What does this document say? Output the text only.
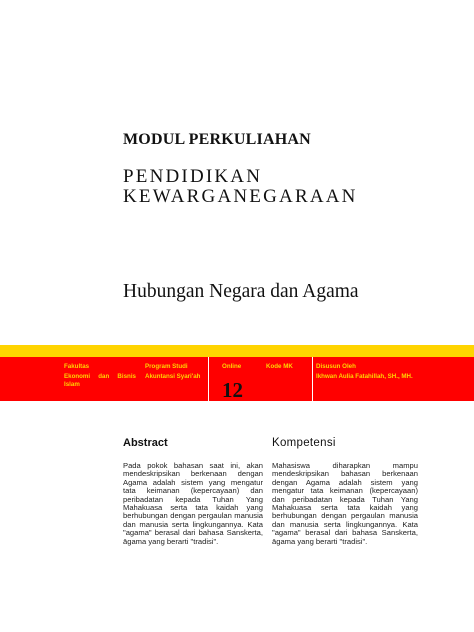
MODUL PERKULIAHAN
PENDIDIKAN
KEWARGANEGARAAN
Hubungan Negara dan Agama
Fakultas
Ekonomi dan Bisnis Islam
Program Studi
Akuntansi Syari'ah
Online
12
Kode MK	Disusun Oleh
Ikhwan Aulia Fatahillah, SH., MH.
Abstract
Pada pokok bahasan saat ini, akan mendeskripsikan berkenaan dengan Agama adalah sistem yang mengatur tata keimanan (kepercayaan) dan peribadatan kepada Tuhan Yang Mahakuasa serta tata kaidah yang berhubungan dengan pergaulan manusia dan manusia serta lingkungannya. Kata "agama" berasal dari bahasa Sanskerta, āgama yang berarti "tradisi".
Kompetensi
Mahasiswa diharapkan mampu mendeskripsikan bahasan berkenaan dengan Agama adalah sistem yang mengatur tata keimanan (kepercayaan) dan peribadatan kepada Tuhan Yang Mahakuasa serta tata kaidah yang berhubungan dengan pergaulan manusia dan manusia serta lingkungannya. Kata "agama" berasal dari bahasa Sanskerta, āgama yang berarti "tradisi".
